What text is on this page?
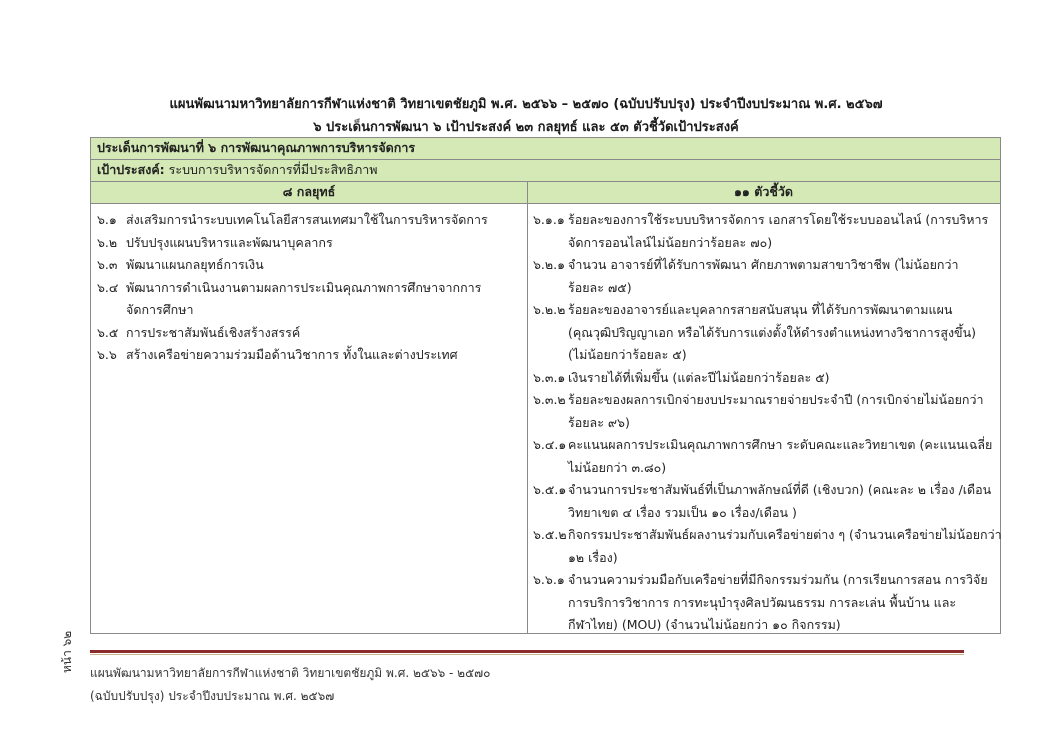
แผนพัฒนามหาวิทยาลัยการกีฬาแห่งชาติ วิทยาเขตชัยภูมิ พ.ศ. ๒๕๖๖ – ๒๕๗๐ (ฉบับปรับปรุง) ประจำปีงบประมาณ พ.ศ. ๒๕๖๗
๖ ประเด็นการพัฒนา ๖ เป้าประสงค์ ๒๓ กลยุทธ์ และ ๕๓ ตัวชี้วัดเป้าประสงค์
ประเด็นการพัฒนาที่ ๖ การพัฒนาคุณภาพการบริหารจัดการ
เป้าประสงค์: ระบบการบริหารจัดการที่มีประสิทธิภาพ
๘ กลยุทธ์	๑๑ ตัวชี้วัด
๖.๑ ส่งเสริมการนำระบบเทคโนโลยีสารสนเทศมาใช้ในการบริหารจัดการ
๖.๒ ปรับปรุงแผนบริหารและพัฒนาบุคลากร
๖.๓ พัฒนาแผนกลยุทธ์การเงิน
๖.๔ พัฒนาการดำเนินงานตามผลการประเมินคุณภาพการศึกษาจากการ
จัดการศึกษา
๖.๕ การประชาสัมพันธ์เชิงสร้างสรรค์
๖.๖ สร้างเครือข่ายความร่วมมือด้านวิชาการ ทั้งในและต่างประเทศ
๖.๑.๑ ร้อยละของการใช้ระบบบริหารจัดการ เอกสารโดยใช้ระบบออนไลน์ (การบริหาร
จัดการออนไลน์ไม่น้อยกว่าร้อยละ ๗๐)
๖.๒.๑ จำนวน อาจารย์ที่ได้รับการพัฒนา ศักยภาพตามสาขาวิชาชีพ (ไม่น้อยกว่า
ร้อยละ ๗๕)
๖.๒.๒ ร้อยละของอาจารย์และบุคลากรสายสนับสนุน ที่ได้รับการพัฒนาตามแผน
(คุณวุฒิปริญญาเอก หรือได้รับการแต่งตั้งให้ดำรงตำแหน่งทางวิชาการสูงขึ้น)
(ไม่น้อยกว่าร้อยละ ๕)
๖.๓.๑ เงินรายได้ที่เพิ่มขึ้น (แต่ละปีไม่น้อยกว่าร้อยละ ๕)
๖.๓.๒ ร้อยละของผลการเบิกจ่ายงบประมาณรายจ่ายประจำปี (การเบิกจ่ายไม่น้อยกว่า
ร้อยละ ๙๖)
๖.๔.๑ คะแนนผลการประเมินคุณภาพการศึกษา ระดับคณะและวิทยาเขต (คะแนนเฉลี่ย
ไม่น้อยกว่า ๓.๘๐)
๖.๕.๑ จำนวนการประชาสัมพันธ์ที่เป็นภาพลักษณ์ที่ดี (เชิงบวก) (คณะละ ๒ เรื่อง /เดือน
วิทยาเขต ๔ เรื่อง รวมเป็น ๑๐ เรื่อง/เดือน )
๖.๕.๒ กิจกรรมประชาสัมพันธ์ผลงานร่วมกับเครือข่ายต่าง ๆ (จำนวนเครือข่ายไม่น้อยกว่า
๑๒ เรื่อง)
๖.๖.๑ จำนวนความร่วมมือกับเครือข่ายที่มีกิจกรรมร่วมกัน (การเรียนการสอน การวิจัย
การบริการวิชาการ การทะนุบำรุงศิลปวัฒนธรรม การละเล่น พื้นบ้าน และ
กีฬาไทย) (MOU) (จำนวนไม่น้อยกว่า ๑๐ กิจกรรม)
แผนพัฒนามหาวิทยาลัยการกีฬาแห่งชาติ วิทยาเขตชัยภูมิ พ.ศ. ๒๕๖๖ - ๒๕๗๐
(ฉบับปรับปรุง) ประจำปีงบประมาณ พ.ศ. ๒๕๖๗
หน้า ๖๒
